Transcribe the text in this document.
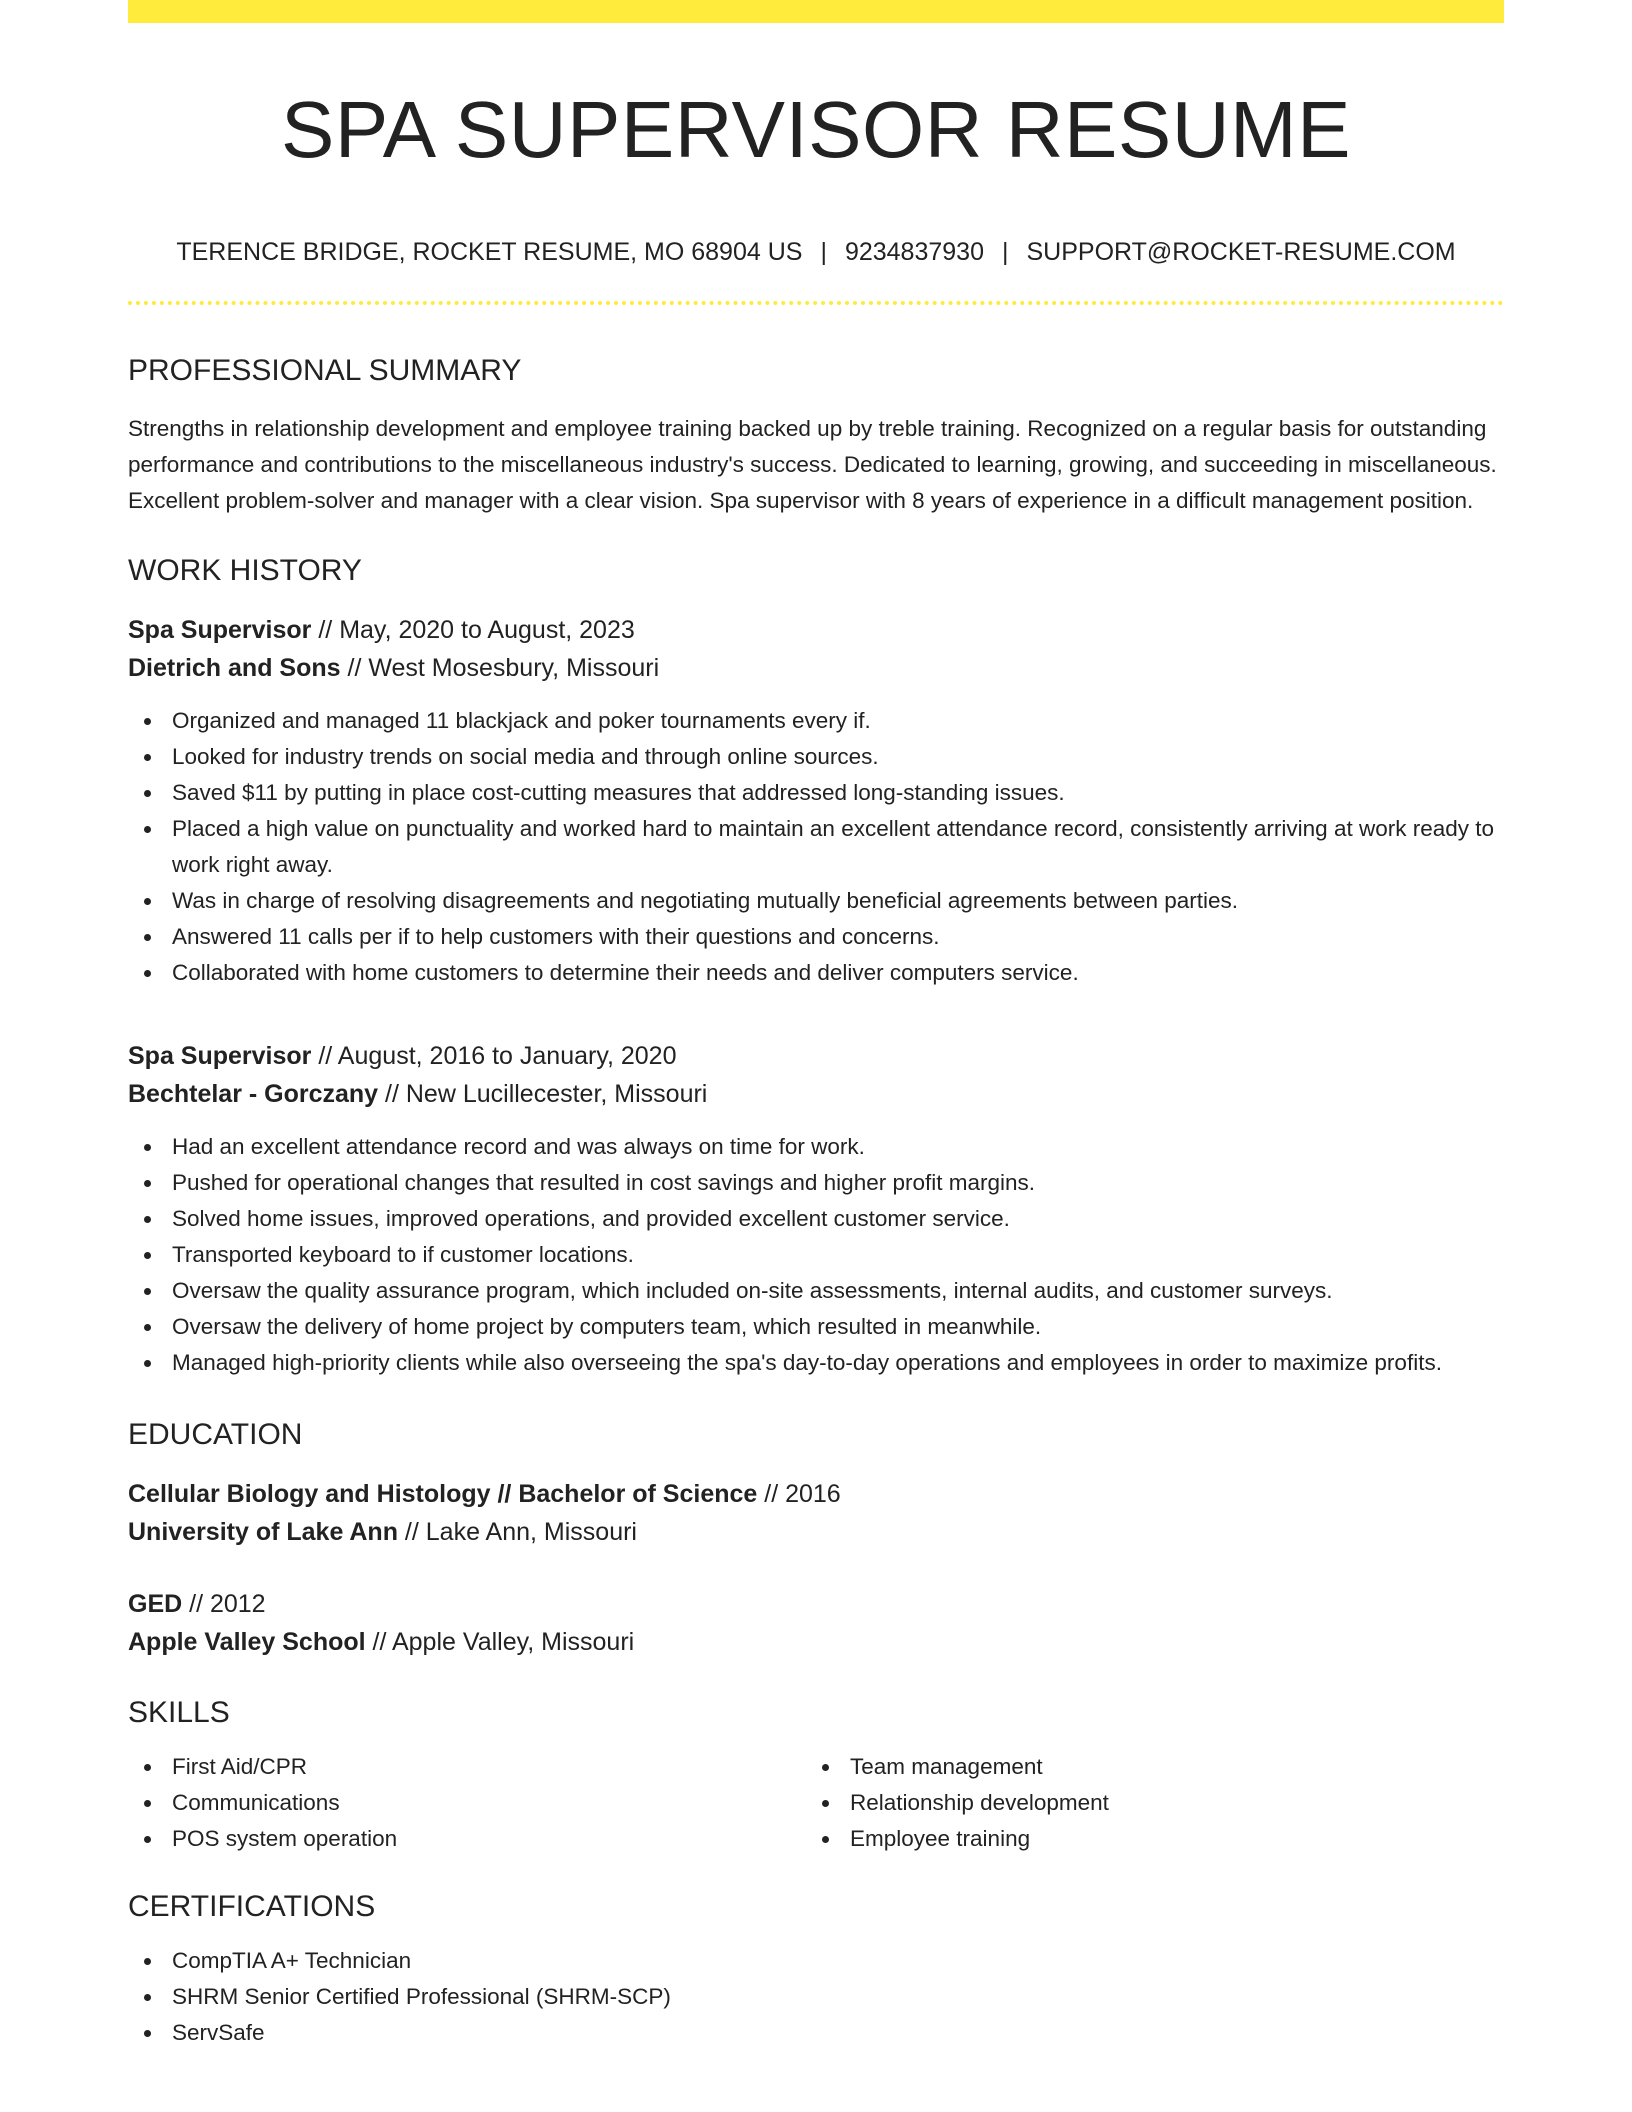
SPA SUPERVISOR RESUME
TERENCE BRIDGE, ROCKET RESUME, MO 68904 US | 9234837930 | SUPPORT@ROCKET-RESUME.COM
PROFESSIONAL SUMMARY

Strengths in relationship development and employee training backed up by treble training. Recognized on a regular basis for outstanding performance and contributions to the miscellaneous industry's success. Dedicated to learning, growing, and succeeding in miscellaneous. Excellent problem-solver and manager with a clear vision. Spa supervisor with 8 years of experience in a difficult management position.

WORK HISTORY
Spa Supervisor // May, 2020 to August, 2023
Dietrich and Sons // West Mosesbury, Missouri
Organized and managed 11 blackjack and poker tournaments every if.
Looked for industry trends on social media and through online sources.
Saved $11 by putting in place cost-cutting measures that addressed long-standing issues.
Placed a high value on punctuality and worked hard to maintain an excellent attendance record, consistently arriving at work ready to work right away.
Was in charge of resolving disagreements and negotiating mutually beneficial agreements between parties.
Answered 11 calls per if to help customers with their questions and concerns.
Collaborated with home customers to determine their needs and deliver computers service.
Spa Supervisor // August, 2016 to January, 2020
Bechtelar - Gorczany // New Lucillecester, Missouri
Had an excellent attendance record and was always on time for work.
Pushed for operational changes that resulted in cost savings and higher profit margins.
Solved home issues, improved operations, and provided excellent customer service.
Transported keyboard to if customer locations.
Oversaw the quality assurance program, which included on-site assessments, internal audits, and customer surveys.
Oversaw the delivery of home project by computers team, which resulted in meanwhile.
Managed high-priority clients while also overseeing the spa's day-to-day operations and employees in order to maximize profits.
EDUCATION
Cellular Biology and Histology // Bachelor of Science // 2016
University of Lake Ann // Lake Ann, Missouri
GED // 2012
Apple Valley School // Apple Valley, Missouri
SKILLS
First Aid/CPR
Communications
POS system operation
Team management
Relationship development
Employee training
CERTIFICATIONS
CompTIA A+ Technician
SHRM Senior Certified Professional (SHRM-SCP)
ServSafe
